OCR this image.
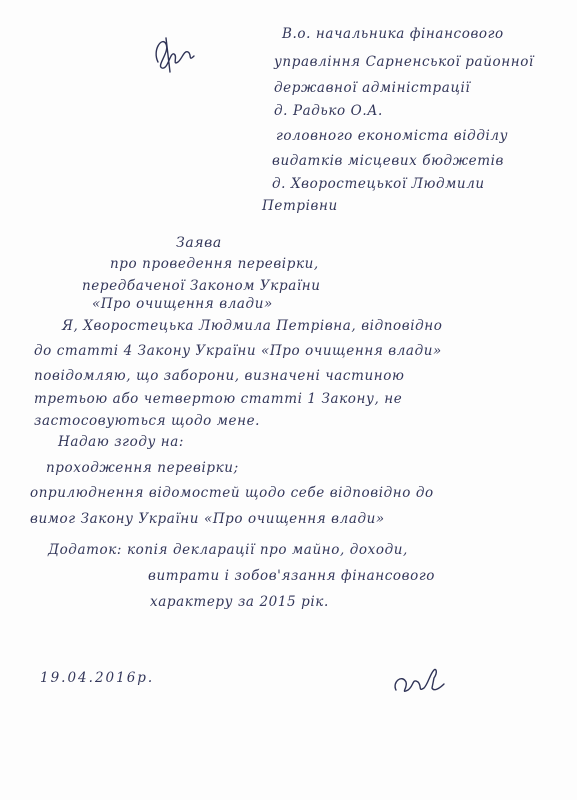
В.о. начальника фінансового
управління Сарненської районної
державної адміністрації
д. Радько О.А.
головного економіста відділу
видатків місцевих бюджетів
д. Хворостецької Людмили
Петрівни
Заява
про проведення перевірки,
передбаченої Законом України
«Про очищення влади»
Я, Хворостецька Людмила Петрівна, відповідно
до статті 4 Закону України «Про очищення влади»
повідомляю, що заборони, визначені частиною
третьою або четвертою статті 1 Закону, не
застосовуються щодо мене.
Надаю згоду на:
проходження перевірки;
оприлюднення відомостей щодо себе відповідно до
вимог Закону України «Про очищення влади»
Додаток: копія декларації про майно, доходи,
витрати і зобов'язання фінансового
характеру за 2015 рік.
19.04.2016р.
